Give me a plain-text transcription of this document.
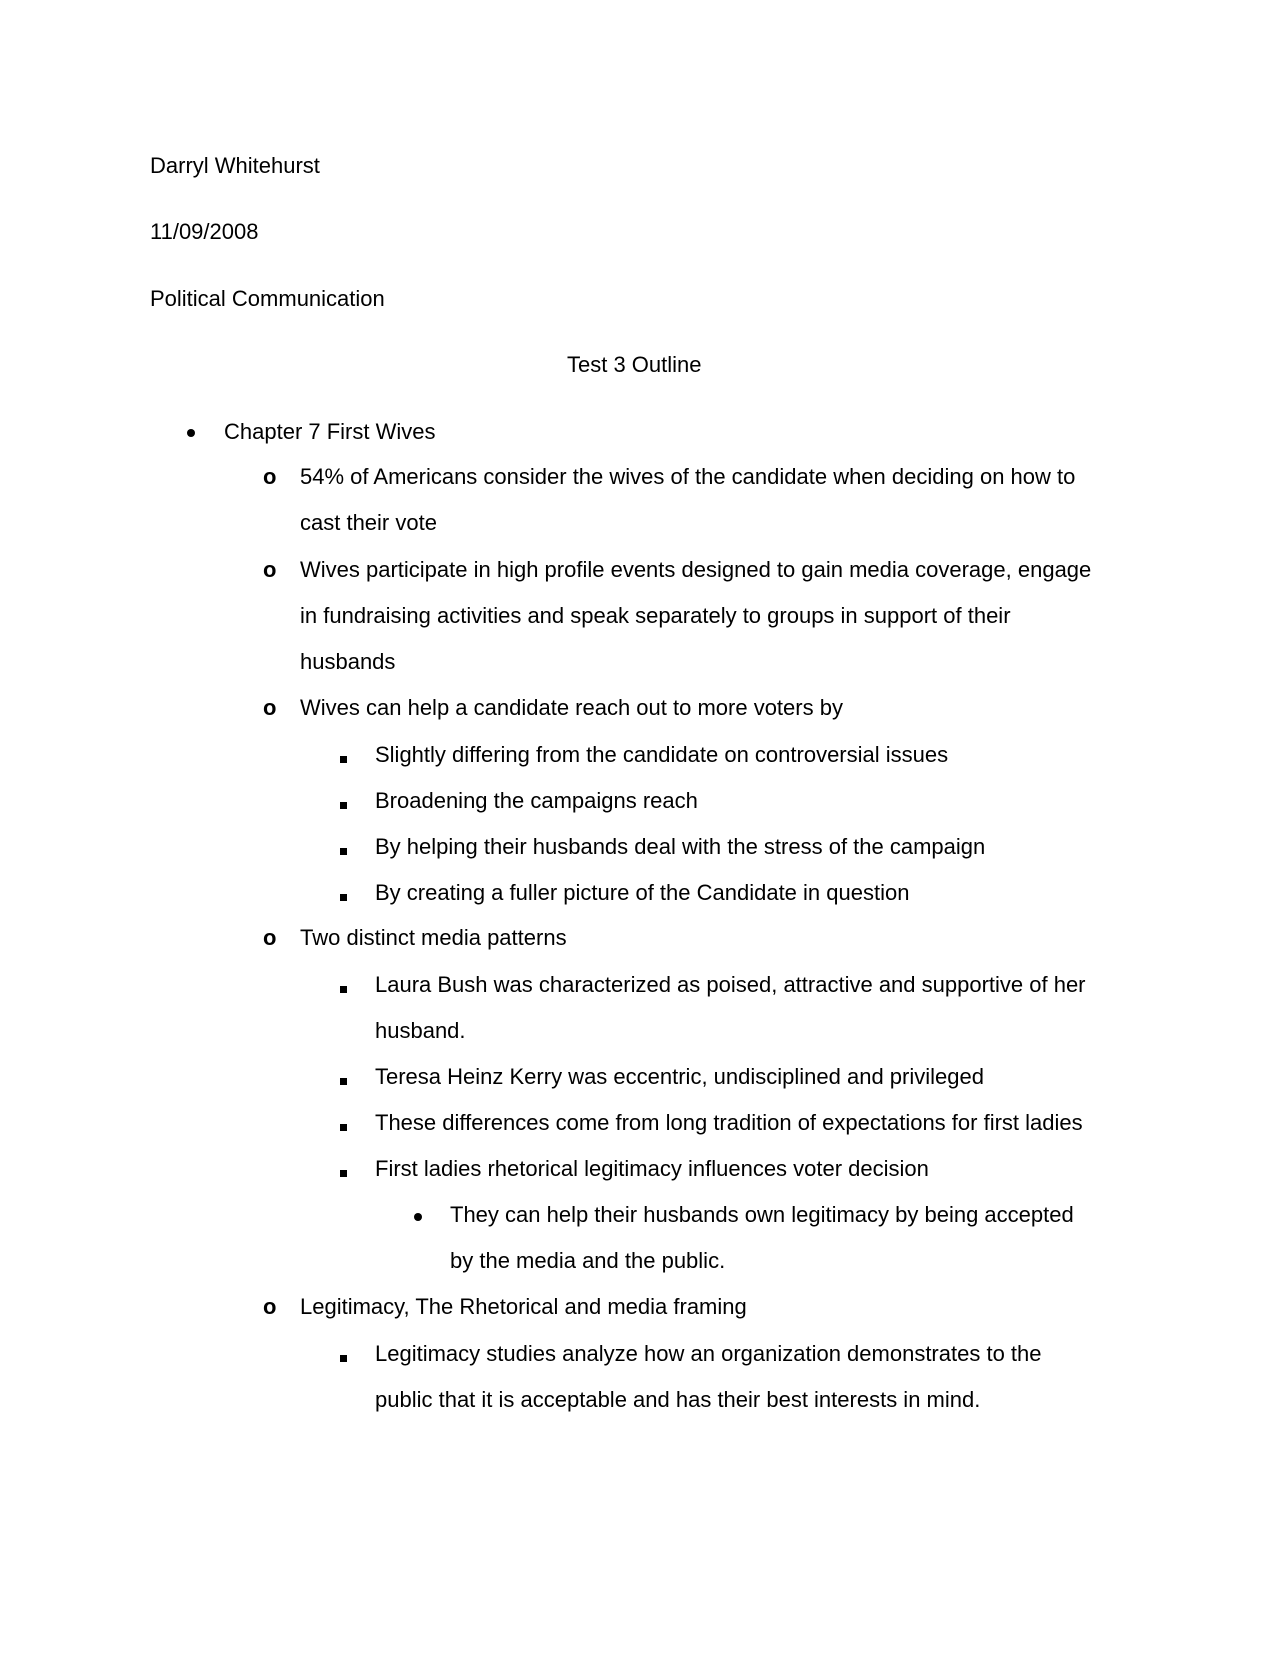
Darryl Whitehurst
11/09/2008
Political Communication
Test 3 Outline
Chapter 7 First Wives
o 54% of Americans consider the wives of the candidate when deciding on how to
cast their vote
o Wives participate in high profile events designed to gain media coverage, engage
in fundraising activities and speak separately to groups in support of their
husbands
o Wives can help a candidate reach out to more voters by
Slightly differing from the candidate on controversial issues
Broadening the campaigns reach
By helping their husbands deal with the stress of the campaign
By creating a fuller picture of the Candidate in question
o Two distinct media patterns
Laura Bush was characterized as poised, attractive and supportive of her
husband.
Teresa Heinz Kerry was eccentric, undisciplined and privileged
These differences come from long tradition of expectations for first ladies
First ladies rhetorical legitimacy influences voter decision
They can help their husbands own legitimacy by being accepted
by the media and the public.
o Legitimacy, The Rhetorical and media framing
Legitimacy studies analyze how an organization demonstrates to the
public that it is acceptable and has their best interests in mind.
